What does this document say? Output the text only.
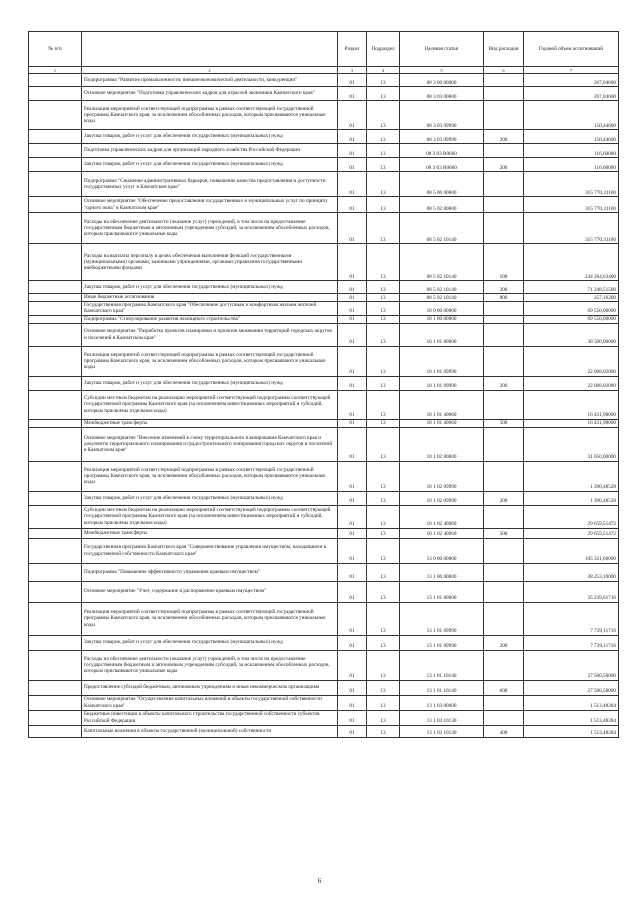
№ п/п		Раздел	Подраздел	Целевая статья	Вид расходов	Годовой объем ассигнований
1	2	3	4	5	6	7
	Подпрограмма "Развитие промышленности, внешнеэкономической деятельности, конкуренции"	01	13	08 3 00 00000		267,04600
	Основное мероприятие "Подготовка управленческих кадров для отраслей экономики Камчатского края"	01	13	08 3 03 00000		267,04600
	Реализация мероприятий соответствующей подпрограммы в рамках соответствующей государственной программы Камчатского края, за исключением обособленных расходов, которым присваиваются уникальные коды	01	13	08 3 03 09990		150,44600
	Закупка товаров, работ и услуг для обеспечения государственных (муниципальных) нужд	01	13	08 3 03 09990	200	150,44600
	Подготовка управленческих кадров для организаций народного хозяйства Российской Федерации	01	13	08 3 03 R0660		116,60000
	Закупка товаров, работ и услуг для обеспечения государственных (муниципальных) нужд	01	13	08 3 03 R0660	200	116,60000
	Подпрограмма "Снижение административных барьеров, повышение качества предоставления и доступности государственных услуг в Камчатском крае"	01	13	08 5 00 00000		315 770,31100
	Основное мероприятие "Обеспечение предоставления государственных и муниципальных услуг по принципу "одного окна" в Камчатском крае"	01	13	08 5 02 00000		315 770,31100
	Расходы на обеспечение деятельности (оказание услуг) учреждений, в том числе на предоставление государственным бюджетным и автономным учреждениям субсидий, за исключением обособленных расходов, которым присваиваются уникальные коды	01	13	08 5 02 10140		315 770,31100
	Расходы на выплаты персоналу в целях обеспечения выполнения функций государственными (муниципальными) органами, казенными учреждениями, органами управления государственными внебюджетными фондами	01	13	08 5 02 10140	100	244 264,63400
	Закупка товаров, работ и услуг для обеспечения государственных (муниципальных) нужд	01	13	08 5 02 10140	200	71 248,51500
	Иные бюджетные ассигнования	01	13	08 5 02 10140	800	257,16200
	Государственная программа Камчатского края "Обеспечение доступным и комфортным жильем жителей Камчатского края"	01	13	10 0 00 00000		69 550,00000
	Подпрограмма "Стимулирование развития жилищного строительства"	01	13	10 1 00 00000		69 550,00000
	Основное мероприятие "Разработка проектов планировки и проектов межевания территорий городских округов и поселений в Камчатском крае"	01	13	10 1 01 00000		38 500,00000
	Реализация мероприятий соответствующей подпрограммы в рамках соответствующей государственной программы Камчатского края, за исключением обособленных расходов, которым присваиваются уникальные коды	01	13	10 1 01 09990		22 068,02000
	Закупка товаров, работ и услуг для обеспечения государственных (муниципальных) нужд	01	13	10 1 01 09990	200	22 068,02000
	Субсидии местным бюджетам на реализацию мероприятий соответствующей подпрограммы соответствующей государственной программы Камчатского края (за исключением инвестиционных мероприятий и субсидий, которым присвоены отдельные коды)	01	13	10 1 01 40060		16 431,98000
	Межбюджетные трансферты	01	13	10 1 01 40060	500	16 431,98000
	Основное мероприятие "Внесение изменений в схему территориального планирования Камчатского края и документы территориального планирования и градостроительного зонирования городских округов и поселений в Камчатском крае"	01	13	10 1 02 00000		31 050,00000
	Реализация мероприятий соответствующей подпрограммы в рамках соответствующей государственной программы Камчатского края, за исключением обособленных расходов, которым присваиваются уникальные коды	01	13	10 1 02 09990		1 390,48528
	Закупка товаров, работ и услуг для обеспечения государственных (муниципальных) нужд	01	13	10 1 02 09990	200	1 390,48528
	Субсидии местным бюджетам на реализацию мероприятий соответствующей подпрограммы соответствующей государственной программы Камчатского края (за исключением инвестиционных мероприятий и субсидий, которым присвоены отдельные коды)	01	13	10 1 02 40060		29 659,51472
	Межбюджетные трансферты	01	13	10 1 02 40060	500	29 659,51472
	Государственная программа Камчатского края "Совершенствование управления имуществом, находящимся в государственной собственности Камчатского края"	01	13	13 0 00 00000		105 331,60000
	Подпрограмма "Повышение эффективности управления краевым имуществом"	01	13	13 1 00 00000		38 253,10000
	Основное мероприятие "Учет, содержание и распоряжение краевым имуществом"	01	13	13 1 01 00000		35 239,61716
	Реализация мероприятий соответствующей подпрограммы в рамках соответствующей государственной программы Камчатского края, за исключением обособленных расходов, которым присваиваются уникальные коды	01	13	13 1 01 09990		7 739,11716
	Закупка товаров, работ и услуг для обеспечения государственных (муниципальных) нужд	01	13	13 1 01 09990	200	7 739,11716
	Расходы на обеспечение деятельности (оказание услуг) учреждений, в том числе на предоставление государственным бюджетным и автономным учреждениям субсидий, за исключением обособленных расходов, которым присваиваются уникальные коды	01	13	13 1 01 10140		27 500,50000
	Предоставление субсидий бюджетным, автономным учреждениям и иным некоммерческим организациям	01	13	13 1 01 10140	600	27 500,50000
	Основное мероприятие "Осуществление капитальных вложений в объекты государственной собственности Камчатского края"	01	13	13 1 03 00000		1 513,48284
	Бюджетные инвестиции в объекты капитального строительства государственной собственности субъектов Российской Федерации	01	13	13 1 03 10130		1 513,48284
	Капитальные вложения в объекты государственной (муниципальной) собственности	01	13	13 1 03 10130	400	1 513,48284
6
